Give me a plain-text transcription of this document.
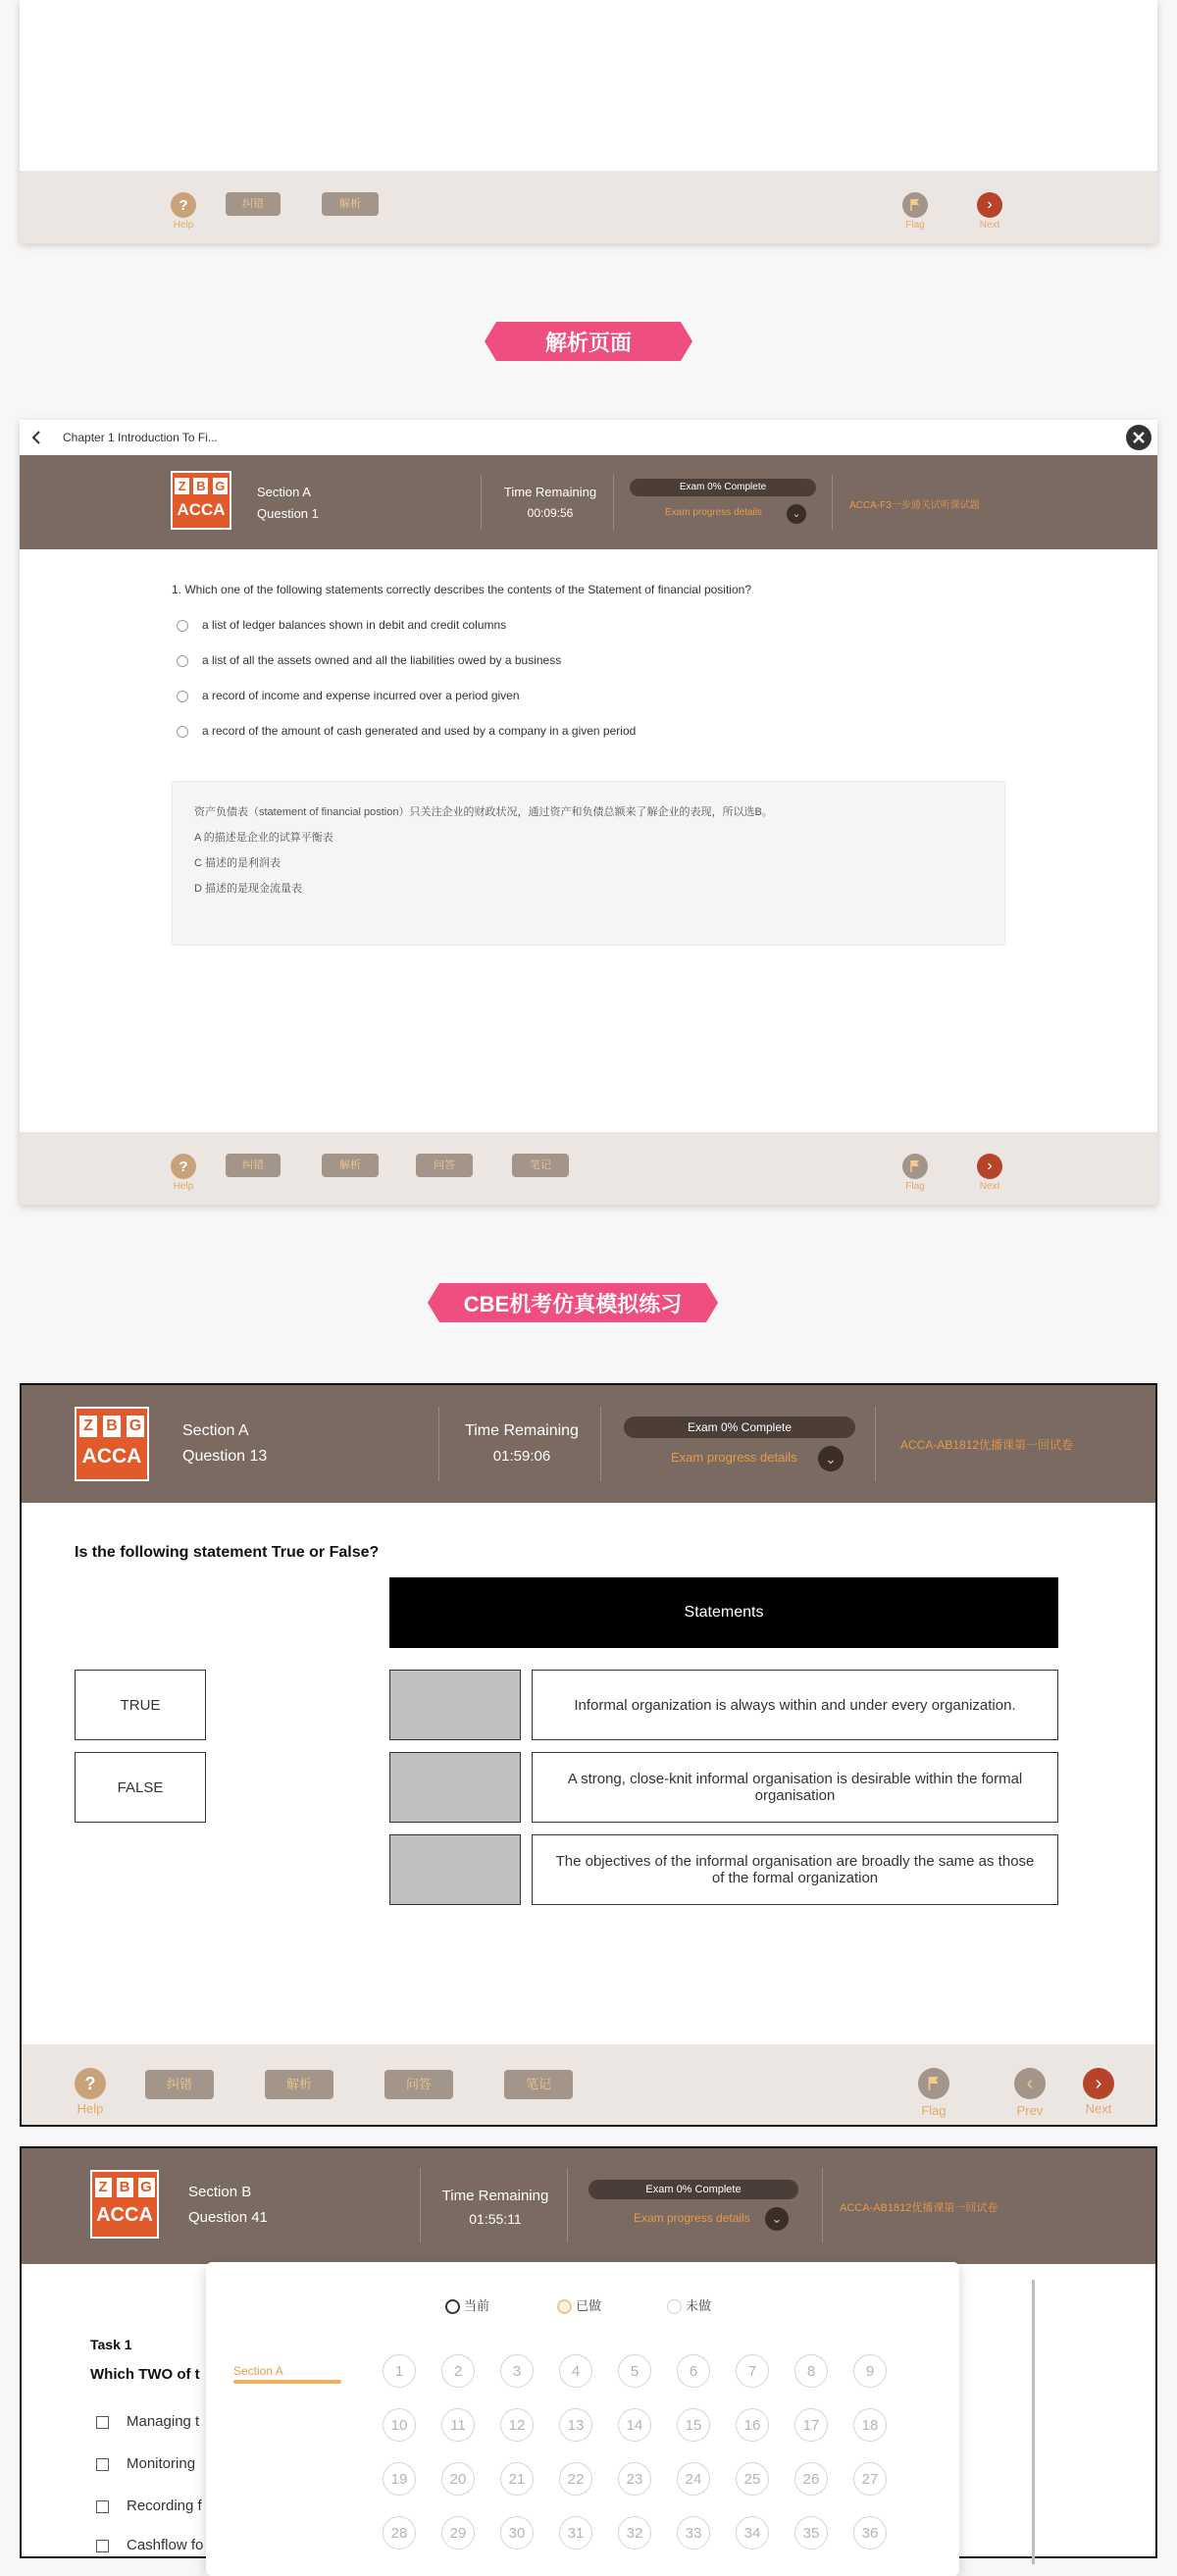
?
Help
纠错	解析
Flag
›
Next
解析页面
Chapter 1 Introduction To Fi...
Z B G
ACCA
Section A
Question 1
Time Remaining
00:09:56
Exam 0% Complete
Exam progress details	⌄
ACCA-F3一步通关试听课试题
1. Which one of the following statements correctly describes the contents of the Statement of financial position?
a list of ledger balances shown in debit and credit columns
a list of all the assets owned and all the liabilities owed by a business
a record of income and expense incurred over a period given
a record of the amount of cash generated and used by a company in a given period
资产负债表（statement of financial postion）只关注企业的财政状况，通过资产和负债总额来了解企业的表现，所以选B。
A 的描述是企业的试算平衡表
C 描述的是利润表
D 描述的是现金流量表
?
Help
纠错	解析	问答	笔记
Flag
›
Next
CBE机考仿真模拟练习
Z B G
ACCA
Section A
Question 13
Time Remaining
01:59:06
Exam 0% Complete
Exam progress details	⌄
ACCA-AB1812优播课第一回试卷
Is the following statement True or False?
Statements
TRUE
FALSE
Informal organization is always within and under every organization.
A strong, close-knit informal organisation is desirable within the formal organisation
The objectives of the informal organisation are broadly the same as those of the formal organization
?
Help
纠错	解析	问答	笔记
Flag
‹
Prev
›
Next
Z B G
ACCA
Section B
Question 41
Time Remaining
01:55:11
Exam 0% Complete
Exam progress details	⌄
ACCA-AB1812优播课第一回试卷
Task 1
Which TWO of t
Managing t
Monitoring
Recording f
Cashflow fo
当前	已做	未做
Section A	1	2	3	4	5	6	7	8	9
10	11	12	13	14	15	16	17	18
19	20	21	22	23	24	25	26	27
28	29	30	31	32	33	34	35	36
